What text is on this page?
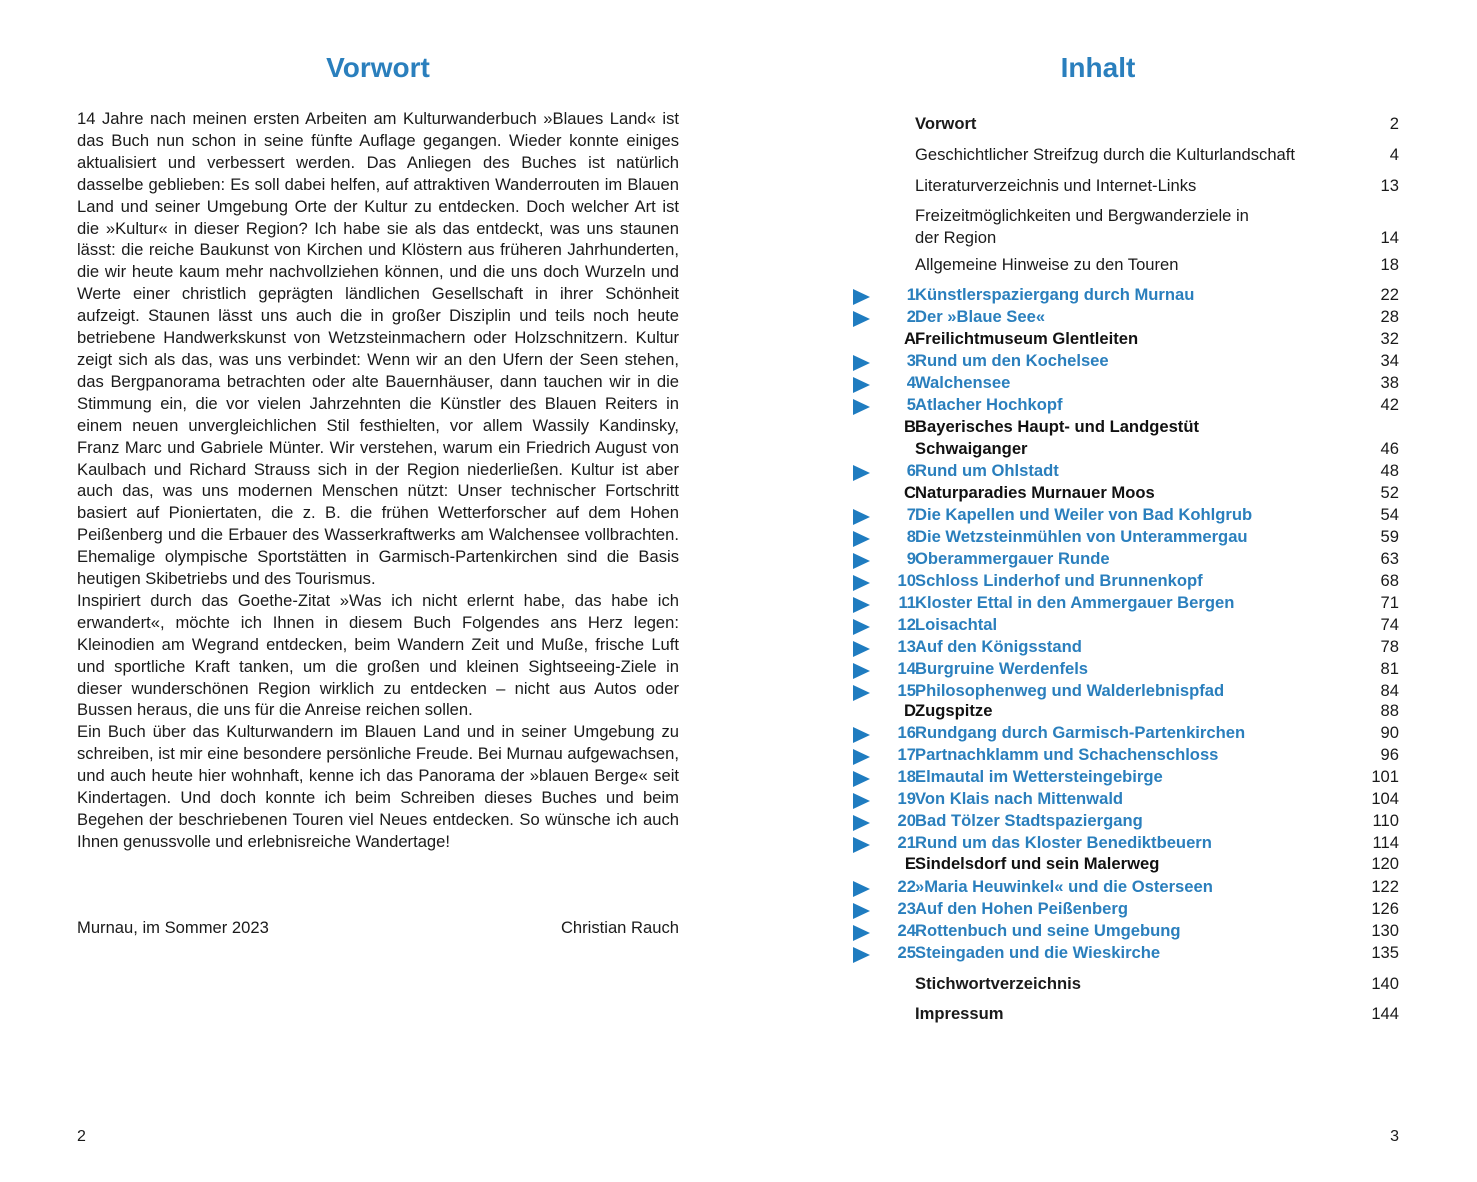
Vorwort

14 Jahre nach meinen ersten Arbeiten am Kulturwanderbuch »Blaues Land« ist das Buch nun schon in seine fünfte Auflage gegangen. Wieder konnte einiges aktualisiert und verbessert werden. Das Anliegen des Buches ist natürlich dasselbe geblieben: Es soll dabei helfen, auf attraktiven Wanderrouten im Blauen Land und seiner Umgebung Orte der Kultur zu entdecken. Doch welcher Art ist die »Kultur« in dieser Region? Ich habe sie als das entdeckt, was uns staunen lässt: die reiche Baukunst von Kirchen und Klöstern aus früheren Jahrhunderten, die wir heute kaum mehr nachvollziehen können, und die uns doch Wurzeln und Werte einer christlich geprägten ländlichen Gesellschaft in ihrer Schönheit aufzeigt. Staunen lässt uns auch die in großer Disziplin und teils noch heute betriebene Handwerkskunst von Wetzsteinmachern oder Holzschnitzern. Kultur zeigt sich als das, was uns verbindet: Wenn wir an den Ufern der Seen stehen, das Bergpanorama betrachten oder alte Bauernhäuser, dann tauchen wir in die Stimmung ein, die vor vielen Jahrzehnten die Künstler des Blauen Reiters in einem neuen unvergleichlichen Stil festhielten, vor allem Wassily Kandinsky, Franz Marc und Gabriele Münter. Wir verstehen, warum ein Friedrich August von Kaulbach und Richard Strauss sich in der Region niederließen. Kultur ist aber auch das, was uns modernen Menschen nützt: Unser technischer Fortschritt basiert auf Pioniertaten, die z. B. die frühen Wetterforscher auf dem Hohen Peißenberg und die Erbauer des Wasserkraftwerks am Walchensee vollbrachten. Ehemalige olympische Sportstätten in Garmisch-Partenkirchen sind die Basis heutigen Skibetriebs und des Tourismus.

Inspiriert durch das Goethe-Zitat »Was ich nicht erlernt habe, das habe ich erwandert«, möchte ich Ihnen in diesem Buch Folgendes ans Herz legen: Kleinodien am Wegrand entdecken, beim Wandern Zeit und Muße, frische Luft und sportliche Kraft tanken, um die großen und kleinen Sightseeing-Ziele in dieser wunderschönen Region wirklich zu entdecken – nicht aus Autos oder Bussen heraus, die uns für die Anreise reichen sollen.

Ein Buch über das Kulturwandern im Blauen Land und in seiner Umgebung zu schreiben, ist mir eine besondere persönliche Freude. Bei Murnau aufgewachsen, und auch heute hier wohnhaft, kenne ich das Panorama der »blauen Berge« seit Kindertagen. Und doch konnte ich beim Schreiben dieses Buches und beim Begehen der beschriebenen Touren viel Neues entdecken. So wünsche ich auch Ihnen genussvolle und erlebnisreiche Wandertage!

Murnau, im Sommer 2023	Christian Rauch
2
Inhalt
Vorwort	2
Geschichtlicher Streifzug durch die Kulturlandschaft	4
Literaturverzeichnis und Internet-Links	13
Freizeitmöglichkeiten und Bergwanderziele in
der Region	14
Allgemeine Hinweise zu den Touren	18
1 Künstlerspaziergang durch Murnau	22
2 Der »Blaue See«	28
A Freilichtmuseum Glentleiten	32
3 Rund um den Kochelsee	34
4 Walchensee	38
5 Atlacher Hochkopf	42
B Bayerisches Haupt- und Landgestüt
Schwaiganger	46
6 Rund um Ohlstadt	48
C Naturparadies Murnauer Moos	52
7 Die Kapellen und Weiler von Bad Kohlgrub	54
8 Die Wetzsteinmühlen von Unterammergau	59
9 Oberammergauer Runde	63
10 Schloss Linderhof und Brunnenkopf	68
11 Kloster Ettal in den Ammergauer Bergen	71
12 Loisachtal	74
13 Auf den Königsstand	78
14 Burgruine Werdenfels	81
15 Philosophenweg und Walderlebnispfad	84
D Zugspitze	88
16 Rundgang durch Garmisch-Partenkirchen	90
17 Partnachklamm und Schachenschloss	96
18 Elmautal im Wettersteingebirge	101
19 Von Klais nach Mittenwald	104
20 Bad Tölzer Stadtspaziergang	110
21 Rund um das Kloster Benediktbeuern	114
E Sindelsdorf und sein Malerweg	120
22 »Maria Heuwinkel« und die Osterseen	122
23 Auf den Hohen Peißenberg	126
24 Rottenbuch und seine Umgebung	130
25 Steingaden und die Wieskirche	135
Stichwortverzeichnis	140
Impressum	144
3
